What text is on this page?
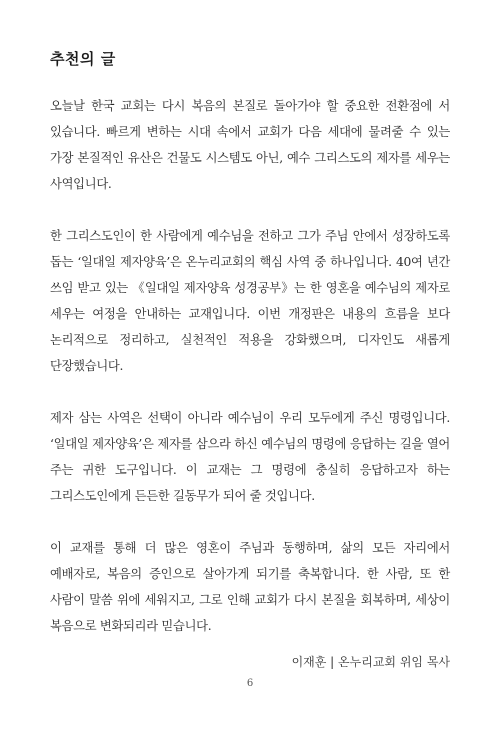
추천의 글

오늘날 한국 교회는 다시 복음의 본질로 돌아가야 할 중요한 전환점에 서 있습니다. 빠르게 변하는 시대 속에서 교회가 다음 세대에 물려줄 수 있는 가장 본질적인 유산은 건물도 시스템도 아닌, 예수 그리스도의 제자를 세우는 사역입니다.

한 그리스도인이 한 사람에게 예수님을 전하고 그가 주님 안에서 성장하도록 돕는 ‘일대일 제자양육’은 온누리교회의 핵심 사역 중 하나입니다. 40여 년간 쓰임 받고 있는 《일대일 제자양육 성경공부》는 한 영혼을 예수님의 제자로 세우는 여정을 안내하는 교재입니다. 이번 개정판은 내용의 흐름을 보다 논리적으로 정리하고, 실천적인 적용을 강화했으며, 디자인도 새롭게 단장했습니다.

제자 삼는 사역은 선택이 아니라 예수님이 우리 모두에게 주신 명령입니다. ‘일대일 제자양육’은 제자를 삼으라 하신 예수님의 명령에 응답하는 길을 열어 주는 귀한 도구입니다. 이 교재는 그 명령에 충실히 응답하고자 하는 그리스도인에게 든든한 길동무가 되어 줄 것입니다.

이 교재를 통해 더 많은 영혼이 주님과 동행하며, 삶의 모든 자리에서 예배자로, 복음의 증인으로 살아가게 되기를 축복합니다. 한 사람, 또 한 사람이 말씀 위에 세워지고, 그로 인해 교회가 다시 본질을 회복하며, 세상이 복음으로 변화되리라 믿습니다.

이재훈 | 온누리교회 위임 목사
6
